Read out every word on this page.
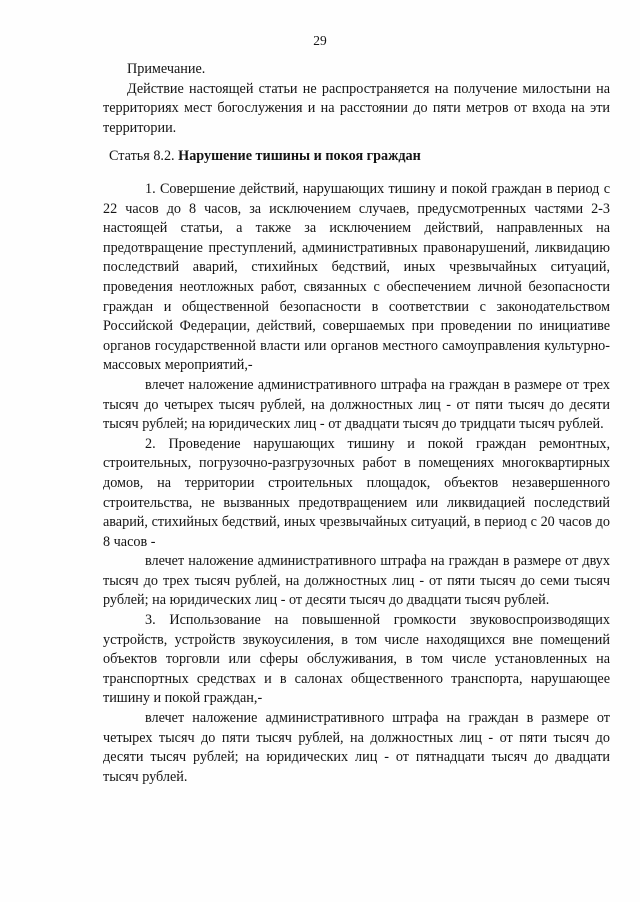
29

Примечание.

Действие настоящей статьи не распространяется на получение милостыни на территориях мест богослужения и на расстоянии до пяти метров от входа на эти территории.

Статья 8.2. Нарушение тишины и покоя граждан

1. Совершение действий, нарушающих тишину и покой граждан в период с 22 часов до 8 часов, за исключением случаев, предусмотренных частями 2-3 настоящей статьи, а также за исключением действий, направленных на предотвращение преступлений, административных правонарушений, ликвидацию последствий аварий, стихийных бедствий, иных чрезвычайных ситуаций, проведения неотложных работ, связанных с обеспечением личной безопасности граждан и общественной безопасности в соответствии с законодательством Российской Федерации, действий, совершаемых при проведении по инициативе органов государственной власти или органов местного самоуправления культурно-массовых мероприятий,-

влечет наложение административного штрафа на граждан в размере от трех тысяч до четырех тысяч рублей, на должностных лиц - от пяти тысяч до десяти тысяч рублей; на юридических лиц - от двадцати тысяч до тридцати тысяч рублей.

2. Проведение нарушающих тишину и покой граждан ремонтных, строительных, погрузочно-разгрузочных работ в помещениях многоквартирных домов, на территории строительных площадок, объектов незавершенного строительства, не вызванных предотвращением или ликвидацией последствий аварий, стихийных бедствий, иных чрезвычайных ситуаций, в период с 20 часов до 8 часов -

влечет наложение административного штрафа на граждан в размере от двух тысяч до трех тысяч рублей, на должностных лиц - от пяти тысяч до семи тысяч рублей; на юридических лиц - от десяти тысяч до двадцати тысяч рублей.

3. Использование на повышенной громкости звуковоспроизводящих устройств, устройств звукоусиления, в том числе находящихся вне помещений объектов торговли или сферы обслуживания, в том числе установленных на транспортных средствах и в салонах общественного транспорта, нарушающее тишину и покой граждан,-

влечет наложение административного штрафа на граждан в размере от четырех тысяч до пяти тысяч рублей, на должностных лиц - от пяти тысяч до десяти тысяч рублей; на юридических лиц - от пятнадцати тысяч до двадцати тысяч рублей.
